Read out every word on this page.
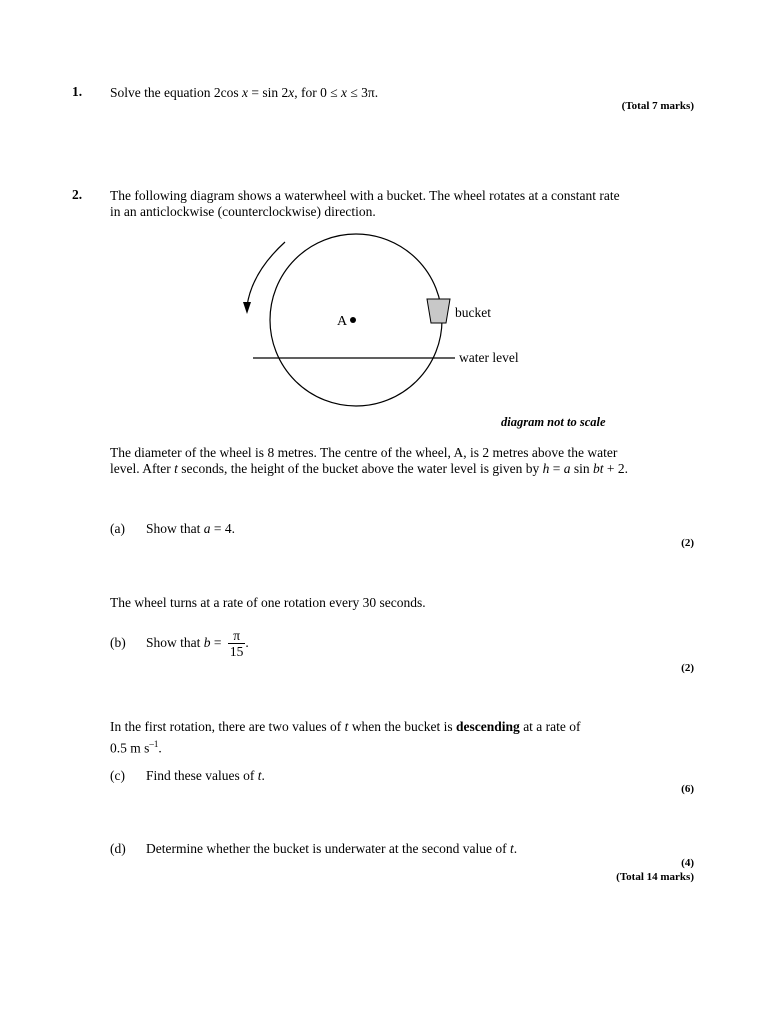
1. Solve the equation 2cos x = sin 2x, for 0 ≤ x ≤ 3π.
(Total 7 marks)
2. The following diagram shows a waterwheel with a bucket. The wheel rotates at a constant rate
in an anticlockwise (counterclockwise) direction.
A
bucket
water level
diagram not to scale
The diameter of the wheel is 8 metres. The centre of the wheel, A, is 2 metres above the water
level. After t seconds, the height of the bucket above the water level is given by h = a sin bt + 2.
(a) Show that a = 4.
(2)
The wheel turns at a rate of one rotation every 30 seconds.
(b) Show that $b = \frac{\pi}{15}$ .
(2)
In the first rotation, there are two values of t when the bucket is descending at a rate of
0.5 m $s^{-1}$.
(c) Find these values of t.
(6)
(d) Determine whether the bucket is underwater at the second value of t.
(4)
(Total 14 marks)
